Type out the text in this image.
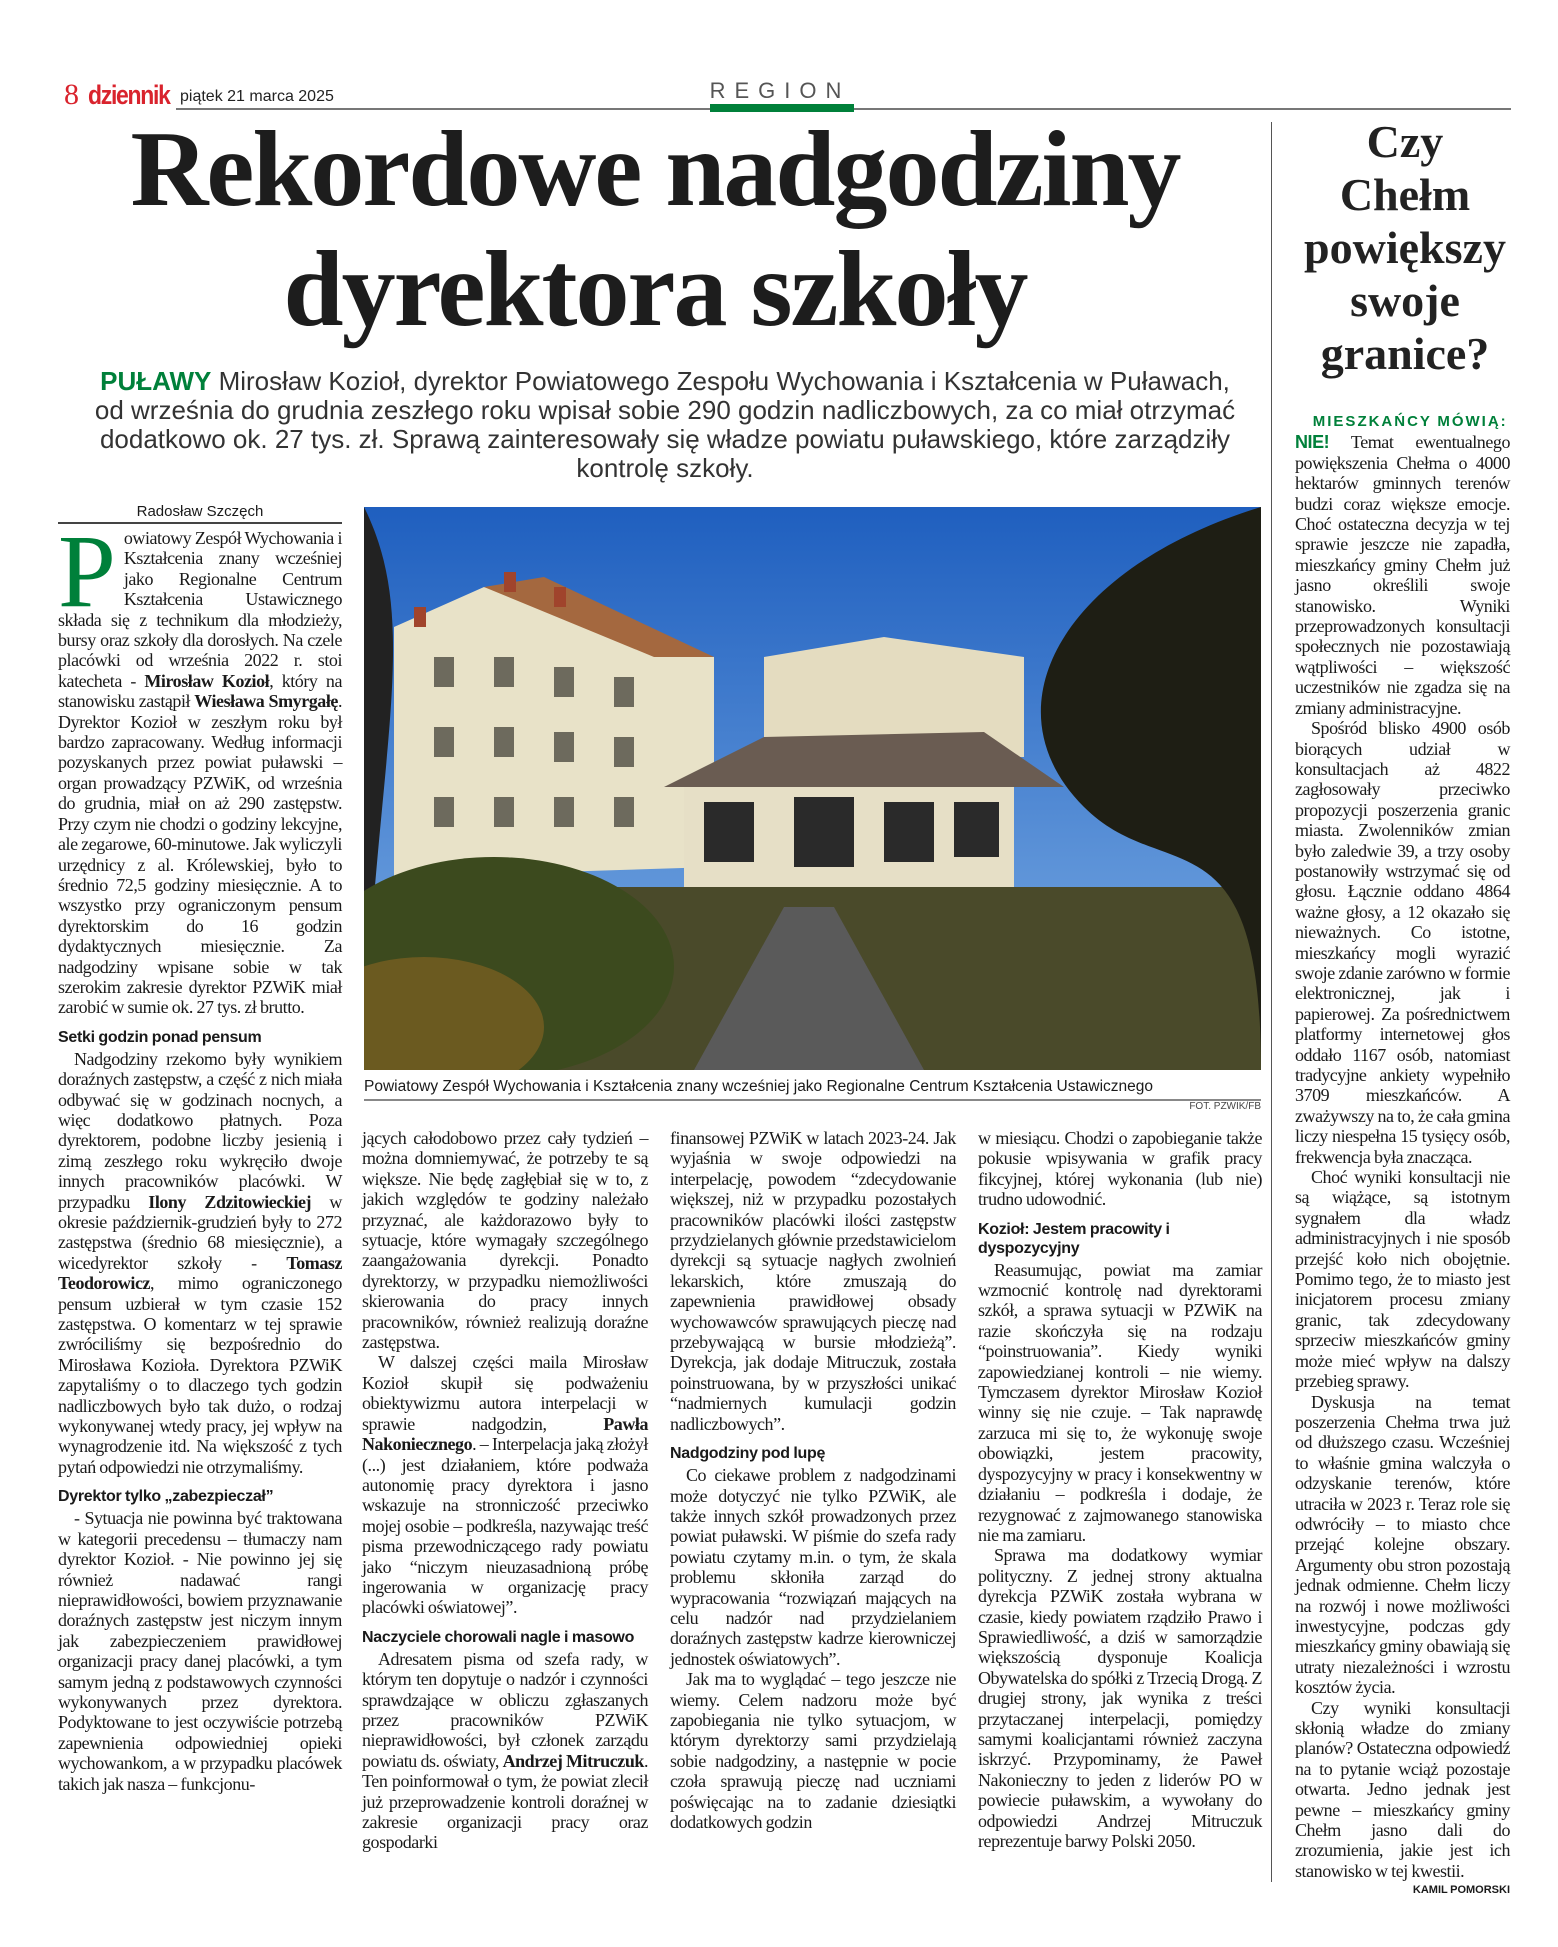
8 dziennik piątek 21 marca 2025	REGION
Rekordowe nadgodziny
dyrektora szkoły
PUŁAWY Mirosław Kozioł, dyrektor Powiatowego Zespołu Wychowania i Kształcenia w Puławach, od września do grudnia zeszłego roku wpisał sobie 290 godzin nadliczbowych, za co miał otrzymać dodatkowo ok. 27 tys. zł. Sprawą zainteresowały się władze powiatu puławskiego, które zarządziły kontrolę szkoły.
Radosław Szczęch

Powiatowy Zespół Wychowania i Kształcenia znany wcześniej jako Regionalne Centrum Kształcenia Ustawicznego składa się z technikum dla młodzieży, bursy oraz szkoły dla dorosłych. Na czele placówki od września 2022 r. stoi katecheta - Mirosław Kozioł, który na stanowisku zastąpił Wiesława Smyrgałę. Dyrektor Kozioł w zeszłym roku był bardzo zapracowany. Według informacji pozyskanych przez powiat puławski – organ prowadzący PZWiK, od września do grudnia, miał on aż 290 zastępstw. Przy czym nie chodzi o godziny lekcyjne, ale zegarowe, 60-minutowe. Jak wyliczyli urzędnicy z al. Królewskiej, było to średnio 72,5 godziny miesięcznie. A to wszystko przy ograniczonym pensum dyrektorskim do 16 godzin dydaktycznych miesięcznie. Za nadgodziny wpisane sobie w tak szerokim zakresie dyrektor PZWiK miał zarobić w sumie ok. 27 tys. zł brutto.

Setki godzin ponad pensum

Nadgodziny rzekomo były wynikiem doraźnych zastępstw, a część z nich miała odbywać się w godzinach nocnych, a więc dodatkowo płatnych. Poza dyrektorem, podobne liczby jesienią i zimą zeszłego roku wykręciło dwoje innych pracowników placówki. W przypadku Ilony Zdzitowieckiej w okresie październik-grudzień były to 272 zastępstwa (średnio 68 miesięcznie), a wicedyrektor szkoły - Tomasz Teodorowicz, mimo ograniczonego pensum uzbierał w tym czasie 152 zastępstwa. O komentarz w tej sprawie zwróciliśmy się bezpośrednio do Mirosława Kozioła. Dyrektora PZWiK zapytaliśmy o to dlaczego tych godzin nadliczbowych było tak dużo, o rodzaj wykonywanej wtedy pracy, jej wpływ na wynagrodzenie itd. Na większość z tych pytań odpowiedzi nie otrzymaliśmy.

Dyrektor tylko „zabezpieczał”

- Sytuacja nie powinna być traktowana w kategorii precedensu – tłumaczy nam dyrektor Kozioł. - Nie powinno jej się również nadawać rangi nieprawidłowości, bowiem przyznawanie doraźnych zastępstw jest niczym innym jak zabezpieczeniem prawidłowej organizacji pracy danej placówki, a tym samym jedną z podstawowych czynności wykonywanych przez dyrektora. Podyktowane to jest oczywiście potrzebą zapewnienia odpowiedniej opieki wychowankom, a w przypadku placówek takich jak nasza – funkcjonu-

jących całodobowo przez cały tydzień – można domniemywać, że potrzeby te są większe. Nie będę zagłębiał się w to, z jakich względów te godziny należało przyznać, ale każdorazowo były to sytuacje, które wymagały szczególnego zaangażowania dyrekcji. Ponadto dyrektorzy, w przypadku niemożliwości skierowania do pracy innych pracowników, również realizują doraźne zastępstwa.

W dalszej części maila Mirosław Kozioł skupił się podważeniu obiektywizmu autora interpelacji w sprawie nadgodzin, Pawła Nakoniecznego. – Interpelacja jaką złożył (...) jest działaniem, które podważa autonomię pracy dyrektora i jasno wskazuje na stronniczość przeciwko mojej osobie – podkreśla, nazywając treść pisma przewodniczącego rady powiatu jako “niczym nieuzasadnioną próbę ingerowania w organizację pracy placówki oświatowej”.

Naczyciele chorowali nagle i masowo

Adresatem pisma od szefa rady, w którym ten dopytuje o nadzór i czynności sprawdzające w obliczu zgłaszanych przez pracowników PZWiK nieprawidłowości, był członek zarządu powiatu ds. oświaty, Andrzej Mitruczuk. Ten poinformował o tym, że powiat zlecił już przeprowadzenie kontroli doraźnej w zakresie organizacji pracy oraz gospodarki

finansowej PZWiK w latach 2023-24. Jak wyjaśnia w swoje odpowiedzi na interpelację, powodem “zdecydowanie większej, niż w przypadku pozostałych pracowników placówki ilości zastępstw przydzielanych głównie przedstawicielom dyrekcji są sytuacje nagłych zwolnień lekarskich, które zmuszają do zapewnienia prawidłowej obsady wychowawców sprawujących pieczę nad przebywającą w bursie młodzieżą”. Dyrekcja, jak dodaje Mitruczuk, została poinstruowana, by w przyszłości unikać “nadmiernych kumulacji godzin nadliczbowych”.

Nadgodziny pod lupę

Co ciekawe problem z nadgodzinami może dotyczyć nie tylko PZWiK, ale także innych szkół prowadzonych przez powiat puławski. W piśmie do szefa rady powiatu czytamy m.in. o tym, że skala problemu skłoniła zarząd do wypracowania “rozwiązań mających na celu nadzór nad przydzielaniem doraźnych zastępstw kadrze kierowniczej jednostek oświatowych”.

Jak ma to wyglądać – tego jeszcze nie wiemy. Celem nadzoru może być zapobiegania nie tylko sytuacjom, w którym dyrektorzy sami przydzielają sobie nadgodziny, a następnie w pocie czoła sprawują pieczę nad uczniami poświęcając na to zadanie dziesiątki dodatkowych godzin

w miesiącu. Chodzi o zapobieganie także pokusie wpisywania w grafik pracy fikcyjnej, której wykonania (lub nie) trudno udowodnić.

Kozioł: Jestem pracowity i dyspozycyjny

Reasumując, powiat ma zamiar wzmocnić kontrolę nad dyrektorami szkół, a sprawa sytuacji w PZWiK na razie skończyła się na rodzaju “poinstruowania”. Kiedy wyniki zapowiedzianej kontroli – nie wiemy. Tymczasem dyrektor Mirosław Kozioł winny się nie czuje. – Tak naprawdę zarzuca mi się to, że wykonuję swoje obowiązki, jestem pracowity, dyspozycyjny w pracy i konsekwentny w działaniu – podkreśla i dodaje, że rezygnować z zajmowanego stanowiska nie ma zamiaru.

Sprawa ma dodatkowy wymiar polityczny. Z jednej strony aktualna dyrekcja PZWiK została wybrana w czasie, kiedy powiatem rządziło Prawo i Sprawiedliwość, a dziś w samorządzie większością dysponuje Koalicja Obywatelska do spółki z Trzecią Drogą. Z drugiej strony, jak wynika z treści przytaczanej interpelacji, pomiędzy samymi koalicjantami również zaczyna iskrzyć. Przypominamy, że Paweł Nakonieczny to jeden z liderów PO w powiecie puławskim, a wywołany do odpowiedzi Andrzej Mitruczuk reprezentuje barwy Polski 2050.

Powiatowy Zespół Wychowania i Kształcenia znany wcześniej jako Regionalne Centrum Kształcenia Ustawicznego
FOT. PZWIK/FB
Czy Chełm powiększy swoje granice?

MIESZKAŃCY MÓWIĄ:
NIE! Temat ewentualnego powiększenia Chełma o 4000 hektarów gminnych terenów budzi coraz większe emocje. Choć ostateczna decyzja w tej sprawie jeszcze nie zapadła, mieszkańcy gminy Chełm już jasno określili swoje stanowisko. Wyniki przeprowadzonych konsultacji społecznych nie pozostawiają wątpliwości – większość uczestników nie zgadza się na zmiany administracyjne.

Spośród blisko 4900 osób biorących udział w konsultacjach aż 4822 zagłosowały przeciwko propozycji poszerzenia granic miasta. Zwolenników zmian było zaledwie 39, a trzy osoby postanowiły wstrzymać się od głosu. Łącznie oddano 4864 ważne głosy, a 12 okazało się nieważnych. Co istotne, mieszkańcy mogli wyrazić swoje zdanie zarówno w formie elektronicznej, jak i papierowej. Za pośrednictwem platformy internetowej głos oddało 1167 osób, natomiast tradycyjne ankiety wypełniło 3709 mieszkańców. A zważywszy na to, że cała gmina liczy niespełna 15 tysięcy osób, frekwencja była znacząca.

Choć wyniki konsultacji nie są wiążące, są istotnym sygnałem dla władz administracyjnych i nie sposób przejść koło nich obojętnie. Pomimo tego, że to miasto jest inicjatorem procesu zmiany granic, tak zdecydowany sprzeciw mieszkańców gminy może mieć wpływ na dalszy przebieg sprawy.

Dyskusja na temat poszerzenia Chełma trwa już od dłuższego czasu. Wcześniej to właśnie gmina walczyła o odzyskanie terenów, które utraciła w 2023 r. Teraz role się odwróciły – to miasto chce przejąć kolejne obszary. Argumenty obu stron pozostają jednak odmienne. Chełm liczy na rozwój i nowe możliwości inwestycyjne, podczas gdy mieszkańcy gminy obawiają się utraty niezależności i wzrostu kosztów życia.

Czy wyniki konsultacji skłonią władze do zmiany planów? Ostateczna odpowiedź na to pytanie wciąż pozostaje otwarta. Jedno jednak jest pewne – mieszkańcy gminy Chełm jasno dali do zrozumienia, jakie jest ich stanowisko w tej kwestii.

KAMIL POMORSKI
